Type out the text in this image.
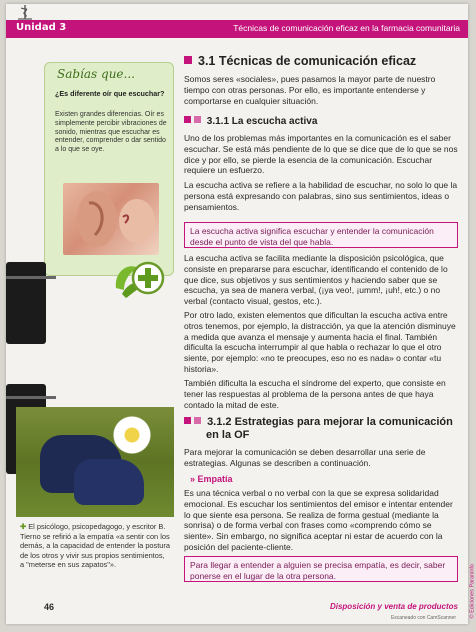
Unidad 3	Técnicas de comunicación eficaz en la farmacia comunitaria
Sabías que...
¿Es diferente oír que escuchar?
Existen grandes diferencias. Oír es simplemente percibir vibraciones de sonido, mientras que escuchar es entender, comprender o dar sentido a lo que se oye.
✚ El psicólogo, psicopedagogo, y escritor B. Tierno se refirió a la empatía «a sentir con los demás, a la capacidad de entender la postura de los otros y vivir sus propios sentimientos, a "meterse en sus zapatos"».
46	Disposición y venta de productos
Escaneado con CamScanner
3.1 Técnicas de comunicación eficaz
Somos seres «sociales», pues pasamos la mayor parte de nuestro tiempo con otras personas. Por ello, es importante entenderse y comportarse en cualquier situación.
3.1.1 La escucha activa
Uno de los problemas más importantes en la comunicación es el saber escuchar. Se está más pendiente de lo que se dice que de lo que se nos dice y por ello, se pierde la esencia de la comunicación. Escuchar requiere un esfuerzo.
La escucha activa se refiere a la habilidad de escuchar, no solo lo que la persona está expresando con palabras, sino sus sentimientos, ideas o pensamientos.
La escucha activa significa escuchar y entender la comunicación desde el punto de vista del que habla.
La escucha activa se facilita mediante la disposición psicológica, que consiste en prepararse para escuchar, identificando el contenido de lo que dice, sus objetivos y sus sentimientos y haciendo saber que se escucha, ya sea de manera verbal, (¡ya veo!, ¡umm!, ¡uh!, etc.) o no verbal (contacto visual, gestos, etc.).
Por otro lado, existen elementos que dificultan la escucha activa entre otros tenemos, por ejemplo, la distracción, ya que la atención disminuye a medida que avanza el mensaje y aumenta hacia el final. También dificulta la escucha interrumpir al que habla o rechazar lo que el otro siente, por ejemplo: «no te preocupes, eso no es nada» o contar «tu historia».
También dificulta la escucha el síndrome del experto, que consiste en tener las respuestas al problema de la persona antes de que haya contado la mitad de este.
3.1.2 Estrategias para mejorar la comunicación
en la OF
Para mejorar la comunicación se deben desarrollar una serie de estrategias. Algunas se describen a continuación.
» Empatía
Es una técnica verbal o no verbal con la que se expresa solidaridad emocional. Es escuchar los sentimientos del emisor e intentar entender lo que siente esa persona. Se realiza de forma gestual (mediante la sonrisa) o de forma verbal con frases como «comprendo cómo se siente». Sin embargo, no significa aceptar ni estar de acuerdo con la posición del paciente-cliente.
Para llegar a entender a alguien se precisa empatía, es decir, saber ponerse en el lugar de la otra persona.	© Ediciones Paraninfo
